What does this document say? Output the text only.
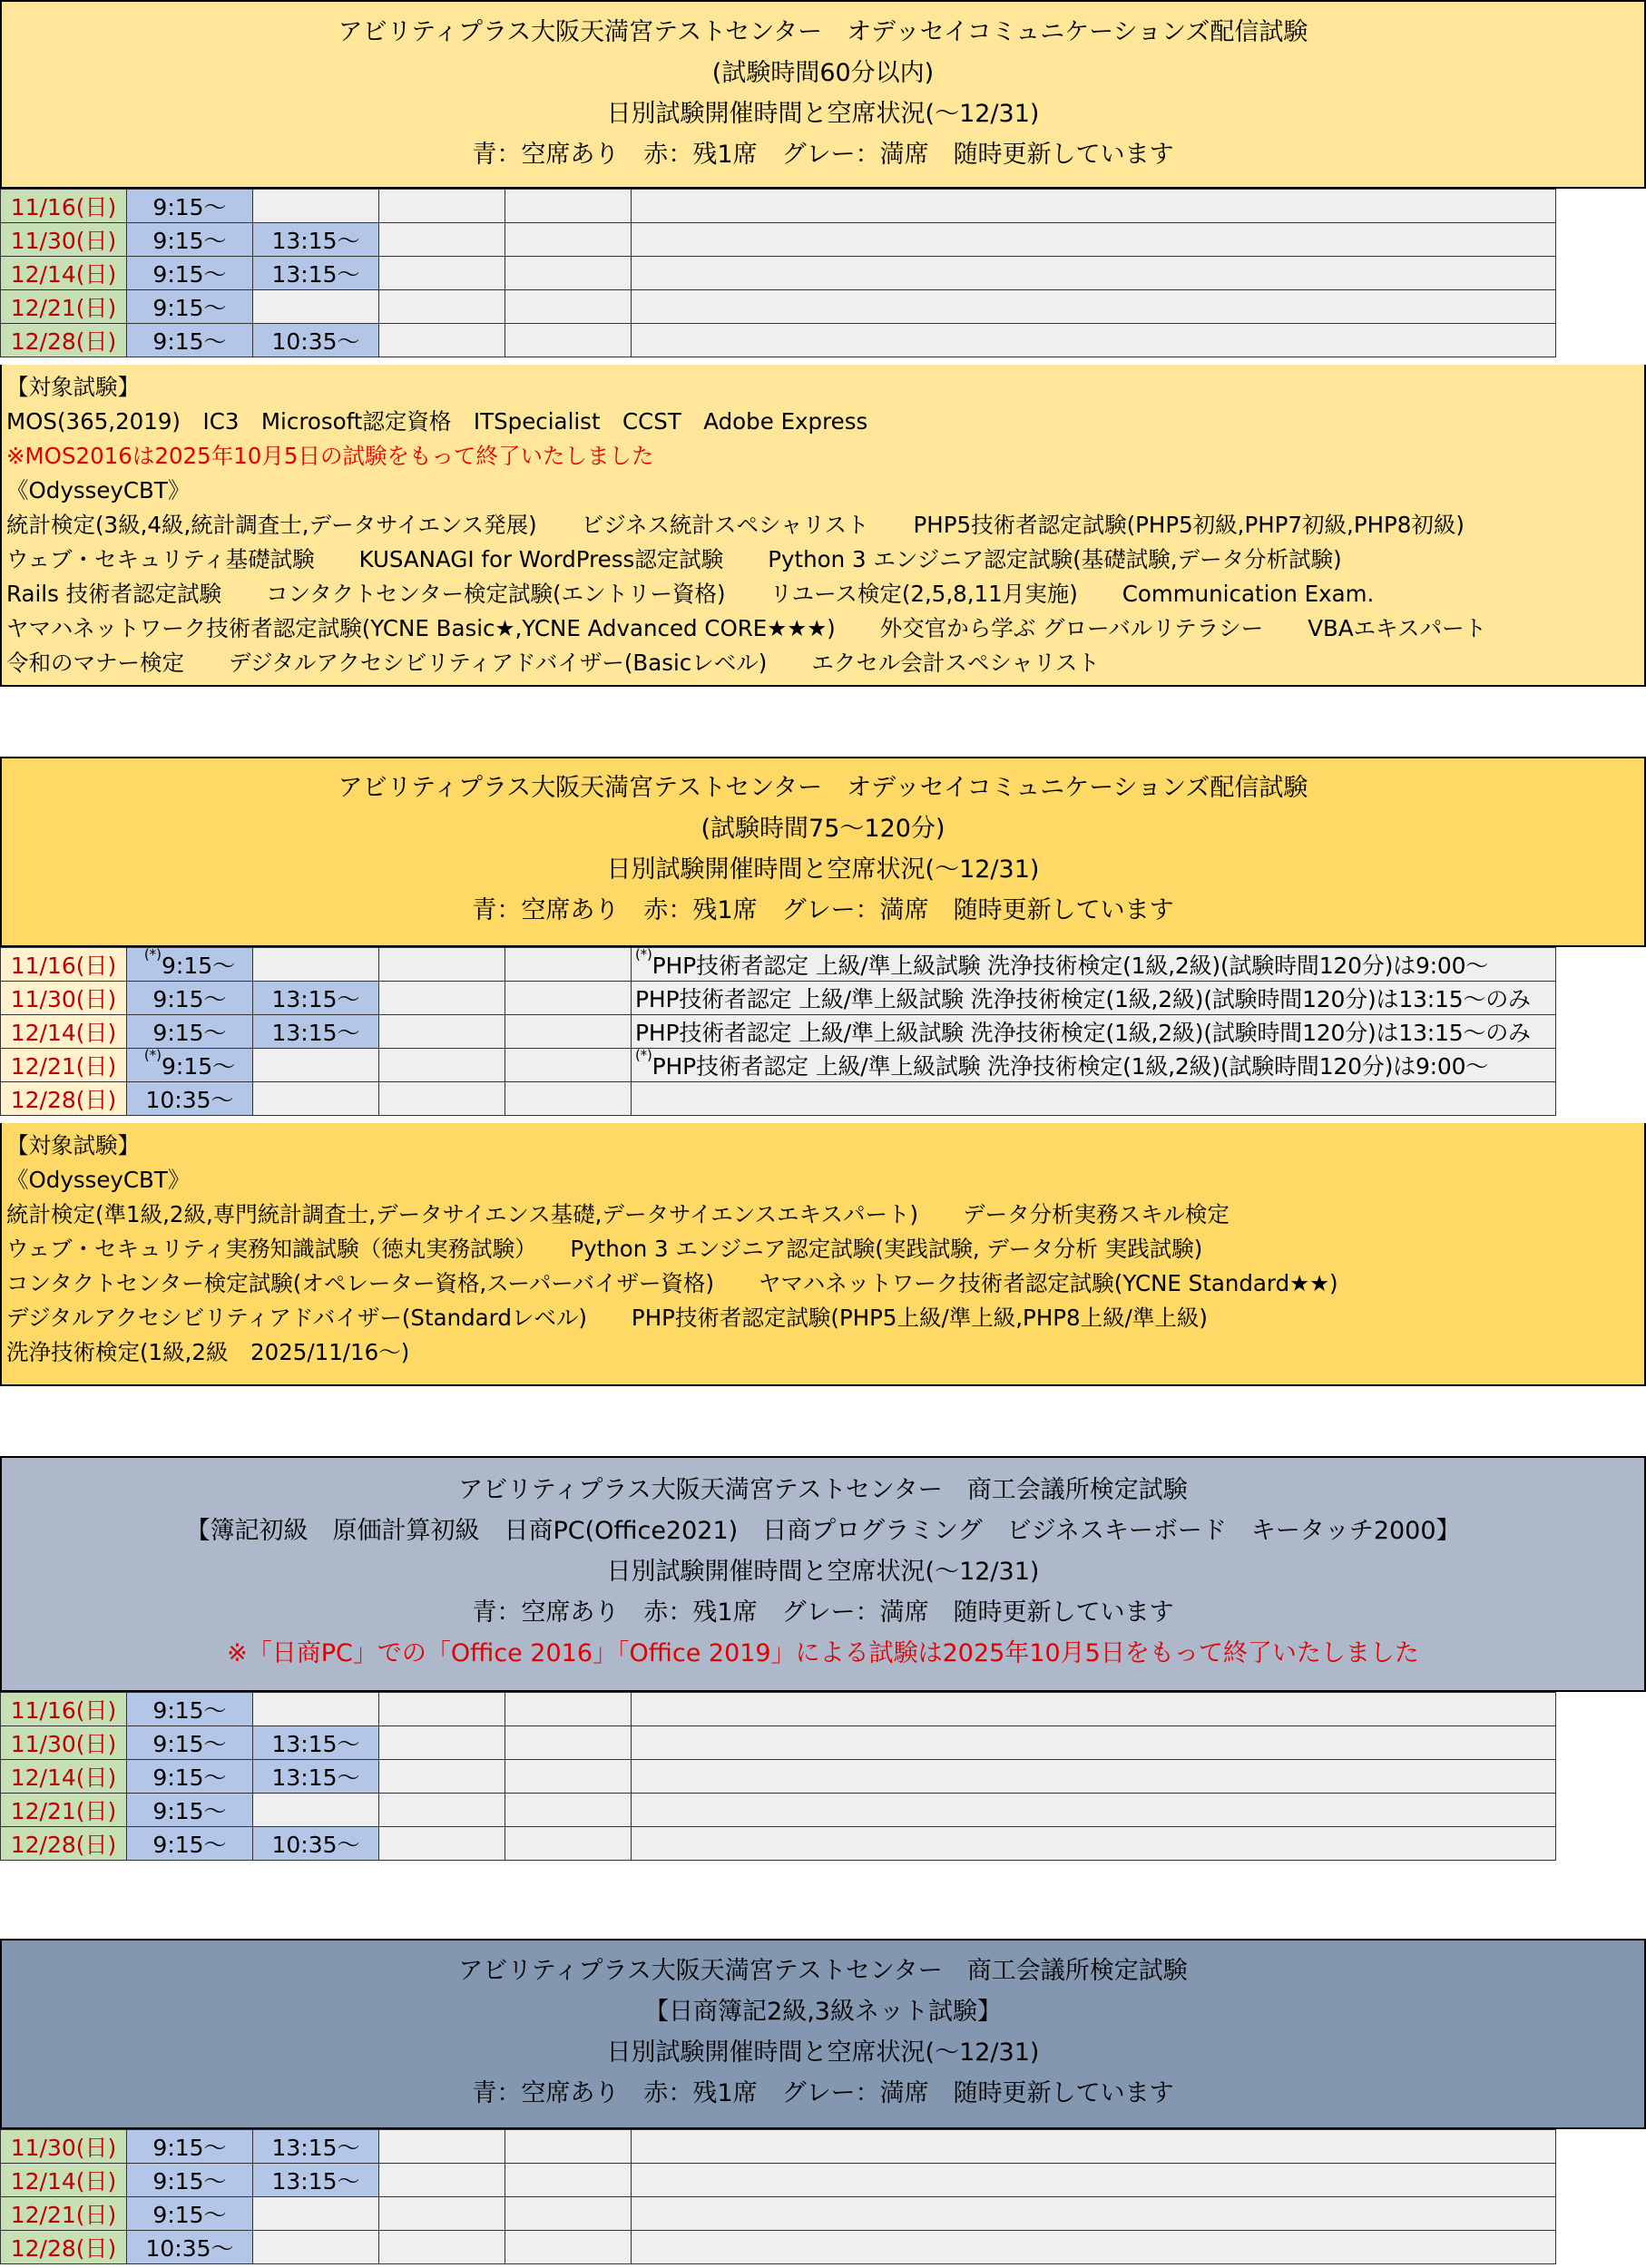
アビリティプラス大阪天満宮テストセンター　オデッセイコミュニケーションズ配信試験
(試験時間60分以内)
日別試験開催時間と空席状況(～12/31)
青：空席あり　赤：残1席　グレー：満席　随時更新しています
11/16(日)	9:15～				
11/30(日)	9:15～	13:15～			
12/14(日)	9:15～	13:15～			
12/21(日)	9:15～				
12/28(日)	9:15～	10:35～			
【対象試験】
MOS(365,2019)　IC3　Microsoft認定資格　ITSpecialist　CCST　Adobe Express
※MOS2016は2025年10月5日の試験をもって終了いたしました
《OdysseyCBT》
統計検定(3級,4級,統計調査士,データサイエンス発展)　　ビジネス統計スペシャリスト　　PHP5技術者認定試験(PHP5初級,PHP7初級,PHP8初級)
ウェブ・セキュリティ基礎試験　　KUSANAGI for WordPress認定試験　　Python 3 エンジニア認定試験(基礎試験,データ分析試験)
Rails 技術者認定試験　　コンタクトセンター検定試験(エントリー資格)　　リユース検定(2,5,8,11月実施)　　Communication Exam.
ヤマハネットワーク技術者認定試験(YCNE Basic★,YCNE Advanced CORE★★★)　　外交官から学ぶ グローバルリテラシー　　VBAエキスパート
令和のマナー検定　　デジタルアクセシビリティアドバイザー(Basicレベル)　　エクセル会計スペシャリスト
アビリティプラス大阪天満宮テストセンター　オデッセイコミュニケーションズ配信試験
(試験時間75～120分)
日別試験開催時間と空席状況(～12/31)
青：空席あり　赤：残1席　グレー：満席　随時更新しています
11/16(日)	(*)9:15～				(*)PHP技術者認定 上級/準上級試験 洗浄技術検定(1級,2級)(試験時間120分)は9:00～
11/30(日)	9:15～	13:15～			PHP技術者認定 上級/準上級試験 洗浄技術検定(1級,2級)(試験時間120分)は13:15～のみ
12/14(日)	9:15～	13:15～			PHP技術者認定 上級/準上級試験 洗浄技術検定(1級,2級)(試験時間120分)は13:15～のみ
12/21(日)	(*)9:15～				(*)PHP技術者認定 上級/準上級試験 洗浄技術検定(1級,2級)(試験時間120分)は9:00～
12/28(日)	10:35～				
【対象試験】
《OdysseyCBT》
統計検定(準1級,2級,専門統計調査士,データサイエンス基礎,データサイエンスエキスパート)　　データ分析実務スキル検定
ウェブ・セキュリティ実務知識試験（徳丸実務試験）　　Python 3 エンジニア認定試験(実践試験, データ分析 実践試験)
コンタクトセンター検定試験(オペレーター資格,スーパーバイザー資格)　　ヤマハネットワーク技術者認定試験(YCNE Standard★★)
デジタルアクセシビリティアドバイザー(Standardレベル)　　PHP技術者認定試験(PHP5上級/準上級,PHP8上級/準上級)
洗浄技術検定(1級,2級　2025/11/16～)
アビリティプラス大阪天満宮テストセンター　商工会議所検定試験
【簿記初級　原価計算初級　日商PC(Office2021)　日商プログラミング　ビジネスキーボード　キータッチ2000】
日別試験開催時間と空席状況(～12/31)
青：空席あり　赤：残1席　グレー：満席　随時更新しています
※「日商PC」での「Office 2016」「Office 2019」による試験は2025年10月5日をもって終了いたしました
11/16(日)	9:15～				
11/30(日)	9:15～	13:15～			
12/14(日)	9:15～	13:15～			
12/21(日)	9:15～				
12/28(日)	9:15～	10:35～			
アビリティプラス大阪天満宮テストセンター　商工会議所検定試験
【日商簿記2級,3級ネット試験】
日別試験開催時間と空席状況(～12/31)
青：空席あり　赤：残1席　グレー：満席　随時更新しています
11/30(日)	9:15～	13:15～			
12/14(日)	9:15～	13:15～			
12/21(日)	9:15～				
12/28(日)	10:35～				
